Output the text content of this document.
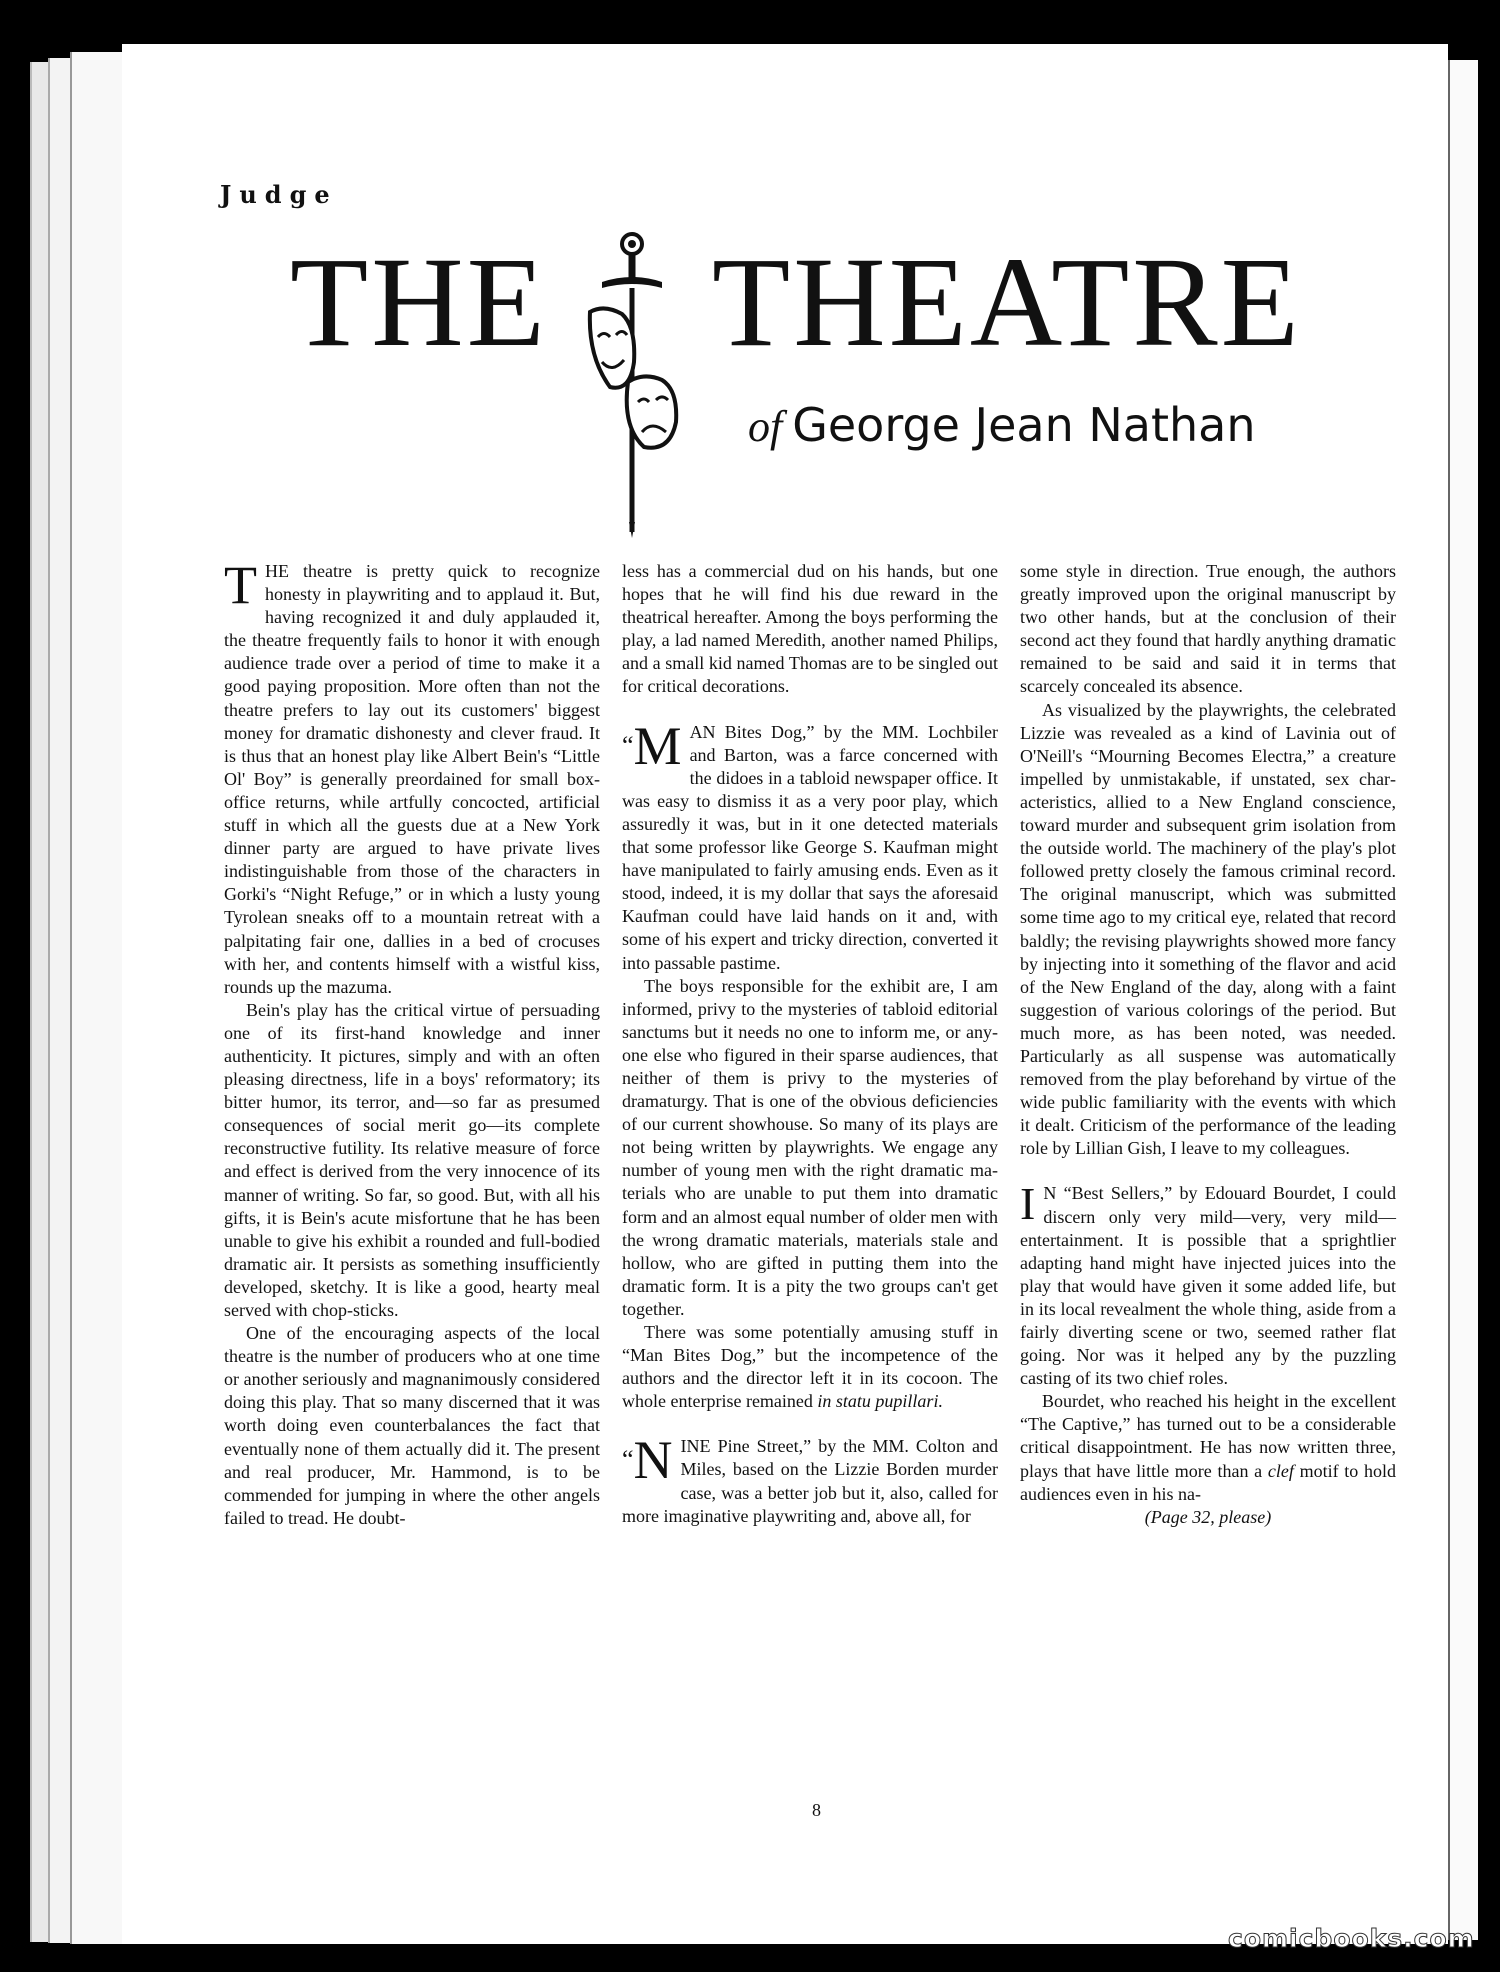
Judge
THE THEATRE
of George Jean Nathan

THE theatre is pretty quick to recognize honesty in playwriting and to applaud it. But, having recognized it and duly applauded it, the theatre frequently fails to honor it with enough audience trade over a period of time to make it a good paying proposition. More often than not the theatre prefers to lay out its customers' biggest money for dramatic dishonesty and clever fraud. It is thus that an honest play like Albert Bein's “Little Ol' Boy” is generally preordained for small box-office returns, while artfully concocted, artificial stuff in which all the guests due at a New York dinner party are argued to have private lives indistinguishable from those of the characters in Gorki's “Night Refuge,” or in which a lusty young Tyrolean sneaks off to a mountain retreat with a palpitating fair one, dallies in a bed of crocuses with her, and contents himself with a wistful kiss, rounds up the mazuma.

Bein's play has the critical virtue of persuading one of its first-hand knowledge and inner authenticity. It pictures, simply and with an often pleasing directness, life in a boys' reformatory; its bitter humor, its terror, and—so far as presumed consequences of social merit go—its complete reconstructive futility. Its relative measure of force and effect is derived from the very innocence of its manner of writing. So far, so good. But, with all his gifts, it is Bein's acute misfortune that he has been unable to give his exhibit a rounded and full-bodied dramatic air. It persists as something insufficiently developed, sketchy. It is like a good, hearty meal served with chop-sticks.

One of the encouraging aspects of the local theatre is the number of producers who at one time or another seriously and magnanimously considered doing this play. That so many discerned that it was worth doing even counterbalances the fact that eventually none of them actually did it. The present and real producer, Mr. Hammond, is to be commended for jumping in where the other angels failed to tread. He doubt-

less has a commercial dud on his hands, but one hopes that he will find his due reward in the theatrical hereafter. Among the boys performing the play, a lad named Meredith, another named Philips, and a small kid named Thomas are to be singled out for critical decorations.

“M AN Bites Dog,” by the MM. Lochbiler and Barton, was a farce concerned with the didoes in a tabloid newspaper office. It was easy to dismiss it as a very poor play, which assuredly it was, but in it one detected materials that some professor like George S. Kaufman might have manipulated to fairly amusing ends. Even as it stood, indeed, it is my dollar that says the aforesaid Kaufman could have laid hands on it and, with some of his expert and tricky direction, converted it into passable pastime.

The boys responsible for the exhibit are, I am informed, privy to the mysteries of tabloid editorial sanctums but it needs no one to inform me, or anyone else who figured in their sparse audiences, that neither of them is privy to the mysteries of dramaturgy. That is one of the obvious deficiencies of our current showhouse. So many of its plays are not being written by playwrights. We engage any number of young men with the right dramatic materials who are unable to put them into dramatic form and an almost equal number of older men with the wrong dramatic materials, materials stale and hollow, who are gifted in putting them into the dramatic form. It is a pity the two groups can't get together.

There was some potentially amusing stuff in “Man Bites Dog,” but the incompetence of the authors and the director left it in its cocoon. The whole enterprise remained in statu pupillari.

“N INE Pine Street,” by the MM. Colton and Miles, based on the Lizzie Borden murder case, was a better job but it, also, called for more imaginative playwriting and, above all, for

some style in direction. True enough, the authors greatly improved upon the original manuscript by two other hands, but at the conclusion of their second act they found that hardly anything dramatic remained to be said and said it in terms that scarcely concealed its absence.

As visualized by the playwrights, the celebrated Lizzie was revealed as a kind of Lavinia out of O'Neill's “Mourning Becomes Electra,” a creature impelled by unmistakable, if unstated, sex characteristics, allied to a New England conscience, toward murder and subsequent grim isolation from the outside world. The machinery of the play's plot followed pretty closely the famous criminal record. The original manuscript, which was submitted some time ago to my critical eye, related that record baldly; the revising playwrights showed more fancy by injecting into it something of the flavor and acid of the New England of the day, along with a faint suggestion of various colorings of the period. But much more, as has been noted, was needed. Particularly as all suspense was automatically removed from the play beforehand by virtue of the wide public familiarity with the events with which it dealt. Criticism of the performance of the leading role by Lillian Gish, I leave to my colleagues.

I N “Best Sellers,” by Edouard Bourdet, I could discern only very mild—very, very mild—entertainment. It is possible that a sprightlier adapting hand might have injected juices into the play that would have given it some added life, but in its local revealment the whole thing, aside from a fairly diverting scene or two, seemed rather flat going. Nor was it helped any by the puzzling casting of its two chief roles.

Bourdet, who reached his height in the excellent “The Captive,” has turned out to be a considerable critical disappointment. He has now written three, plays that have little more than a clef motif to hold audiences even in his na-

(Page 32, please)

8
comicbooks.com
